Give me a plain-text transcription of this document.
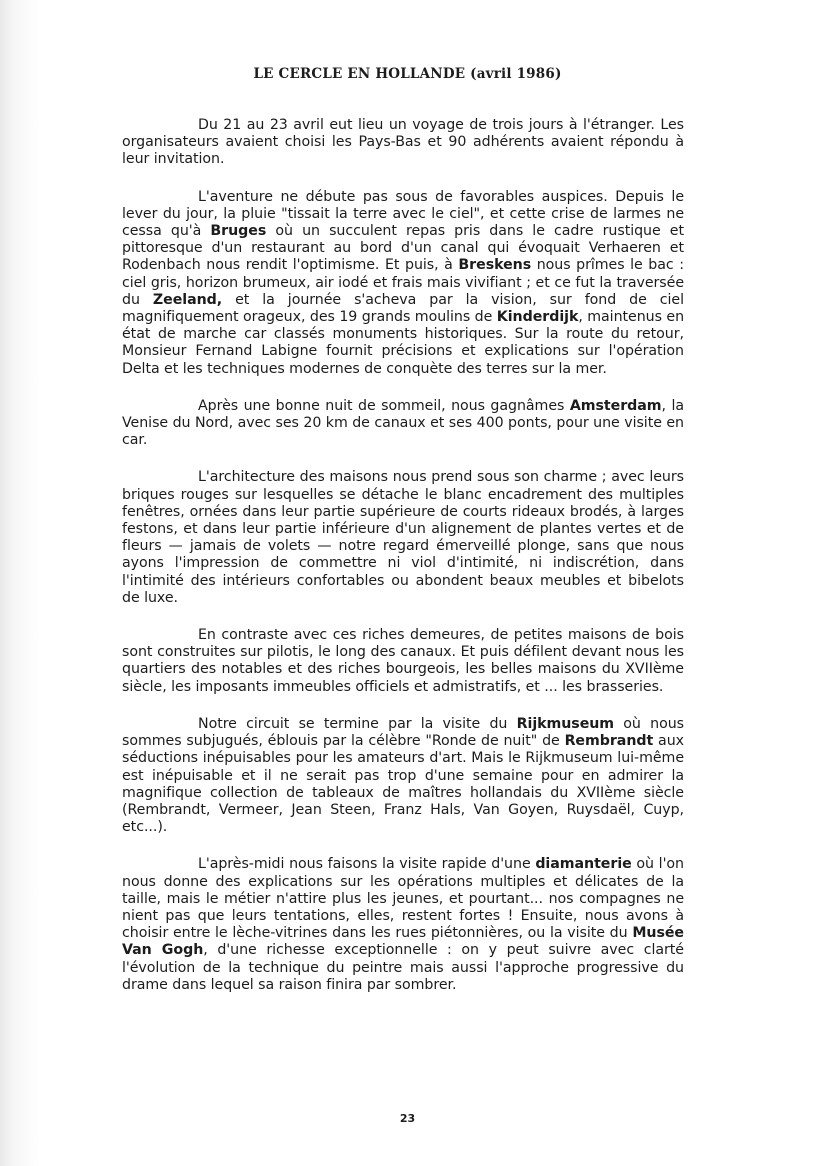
LE CERCLE EN HOLLANDE (avril 1986)

Du 21 au 23 avril eut lieu un voyage de trois jours à l'étranger. Les organisateurs avaient choisi les Pays-Bas et 90 adhérents avaient répondu à leur invitation.

L'aventure ne débute pas sous de favorables auspices. Depuis le lever du jour, la pluie "tissait la terre avec le ciel", et cette crise de larmes ne cessa qu'à Bruges où un succulent repas pris dans le cadre rustique et pittoresque d'un restaurant au bord d'un canal qui évoquait Verhaeren et Rodenbach nous rendit l'optimisme. Et puis, à Breskens nous prîmes le bac : ciel gris, horizon brumeux, air iodé et frais mais vivifiant ; et ce fut la traversée du Zeeland, et la journée s'acheva par la vision, sur fond de ciel magnifiquement orageux, des 19 grands moulins de Kinderdijk, maintenus en état de marche car classés monuments historiques. Sur la route du retour, Monsieur Fernand Labigne fournit précisions et explications sur l'opération Delta et les techniques modernes de conquète des terres sur la mer.

Après une bonne nuit de sommeil, nous gagnâmes Amsterdam, la Venise du Nord, avec ses 20 km de canaux et ses 400 ponts, pour une visite en car.

L'architecture des maisons nous prend sous son charme ; avec leurs briques rouges sur lesquelles se détache le blanc encadrement des multiples fenêtres, ornées dans leur partie supérieure de courts rideaux brodés, à larges festons, et dans leur partie inférieure d'un alignement de plantes vertes et de fleurs — jamais de volets — notre regard émerveillé plonge, sans que nous ayons l'impression de commettre ni viol d'intimité, ni indiscrétion, dans l'intimité des intérieurs confortables ou abondent beaux meubles et bibelots de luxe.

En contraste avec ces riches demeures, de petites maisons de bois sont construites sur pilotis, le long des canaux. Et puis défilent devant nous les quartiers des notables et des riches bourgeois, les belles maisons du XVIIème siècle, les imposants immeubles officiels et admistratifs, et ... les brasseries.

Notre circuit se termine par la visite du Rijkmuseum où nous sommes subjugués, éblouis par la célèbre "Ronde de nuit" de Rembrandt aux séductions inépuisables pour les amateurs d'art. Mais le Rijkmuseum lui-même est inépuisable et il ne serait pas trop d'une semaine pour en admirer la magnifique collection de tableaux de maîtres hollandais du XVIIème siècle (Rembrandt, Vermeer, Jean Steen, Franz Hals, Van Goyen, Ruysdaël, Cuyp, etc...).

L'après-midi nous faisons la visite rapide d'une diamanterie où l'on nous donne des explications sur les opérations multiples et délicates de la taille, mais le métier n'attire plus les jeunes, et pourtant... nos compagnes ne nient pas que leurs tentations, elles, restent fortes ! Ensuite, nous avons à choisir entre le lèche-vitrines dans les rues piétonnières, ou la visite du Musée Van Gogh, d'une richesse exceptionnelle : on y peut suivre avec clarté l'évolution de la technique du peintre mais aussi l'approche progressive du drame dans lequel sa raison finira par sombrer.

23
